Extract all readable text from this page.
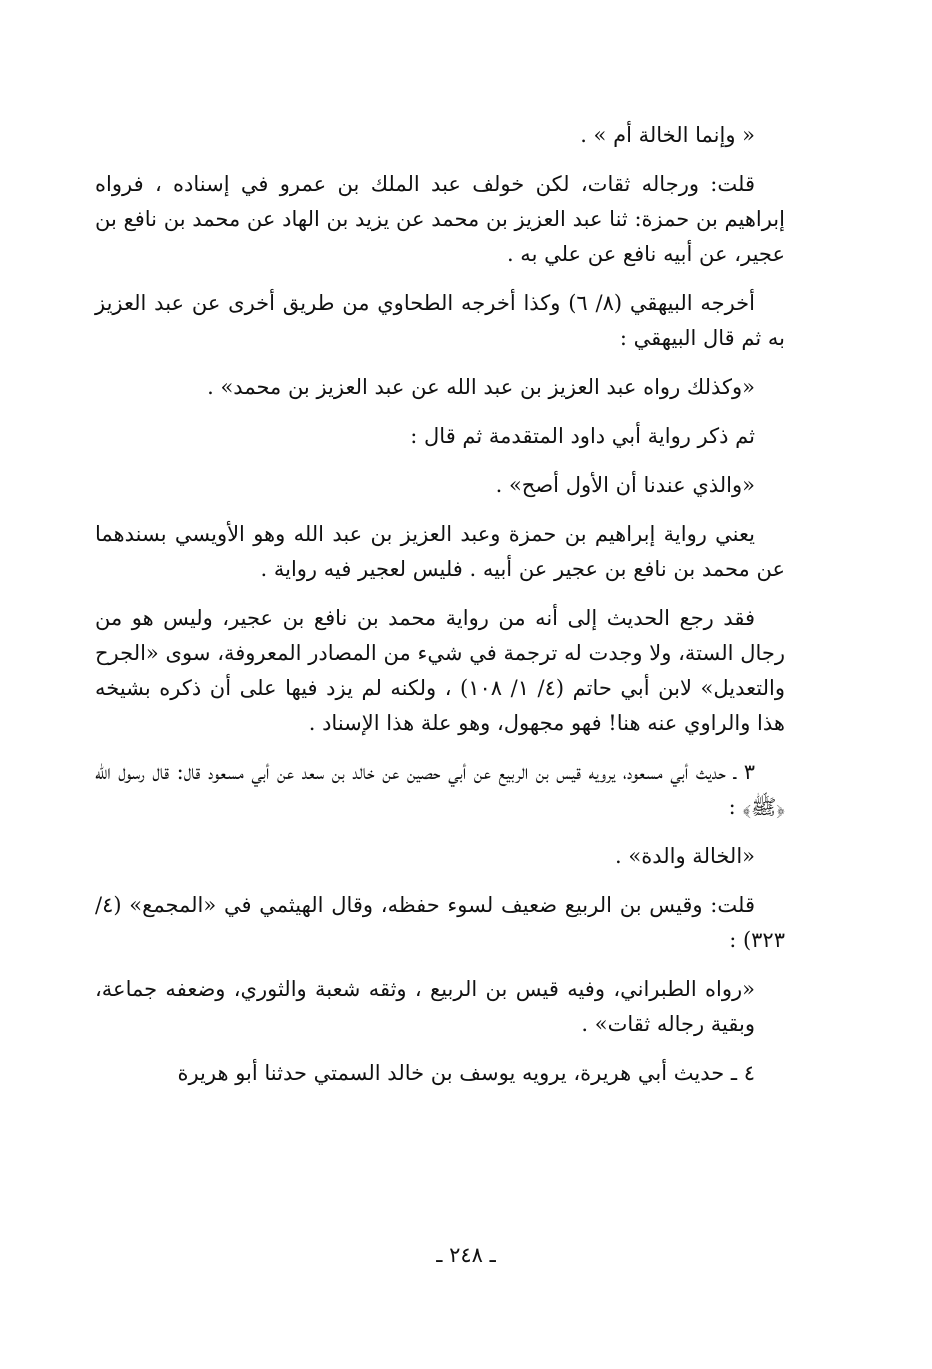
« وإنما الخالة أم » .

قلت: ورجاله ثقات، لكن خولف عبد الملك بن عمرو في إسناده ، فرواه إبراهيم بن حمزة: ثنا عبد العزيز بن محمد عن يزيد بن الهاد عن محمد بن نافع بن عجير، عن أبيه نافع عن علي به .

أخرجه البيهقي (٨/ ٦) وكذا أخرجه الطحاوي من طريق أخرى عن عبد العزيز به ثم قال البيهقي :

«وكذلك رواه عبد العزيز بن عبد الله عن عبد العزيز بن محمد» .

ثم ذكر رواية أبي داود المتقدمة ثم قال :

«والذي عندنا أن الأول أصح» .

يعني رواية إبراهيم بن حمزة وعبد العزيز بن عبد الله وهو الأويسي بسندهما عن محمد بن نافع بن عجير عن أبيه . فليس لعجير فيه رواية .

فقد رجع الحديث إلى أنه من رواية محمد بن نافع بن عجير، وليس هو من رجال الستة، ولا وجدت له ترجمة في شيء من المصادر المعروفة، سوى «الجرح والتعديل» لابن أبي حاتم (٤/ ١/ ١٠٨) ، ولكنه لم يزد فيها على أن ذكره بشيخه هذا والراوي عنه هنا! فهو مجهول، وهو علة هذا الإسناد .

٣ ـ حديث أبي مسعود، يرويه قيس بن الربيع عن أبي حصين عن خالد بن سعد عن أبي مسعود قال: قال رسول الله ﴿ﷺ﴾ :

«الخالة والدة» .

قلت: وقيس بن الربيع ضعيف لسوء حفظه، وقال الهيثمي في «المجمع» (٤/ ٣٢٣) :

«رواه الطبراني، وفيه قيس بن الربيع ، وثقه شعبة والثوري، وضعفه جماعة، وبقية رجاله ثقات» .

٤ ـ حديث أبي هريرة، يرويه يوسف بن خالد السمتي حدثنا أبو هريرة

ـ ٢٤٨ ـ
